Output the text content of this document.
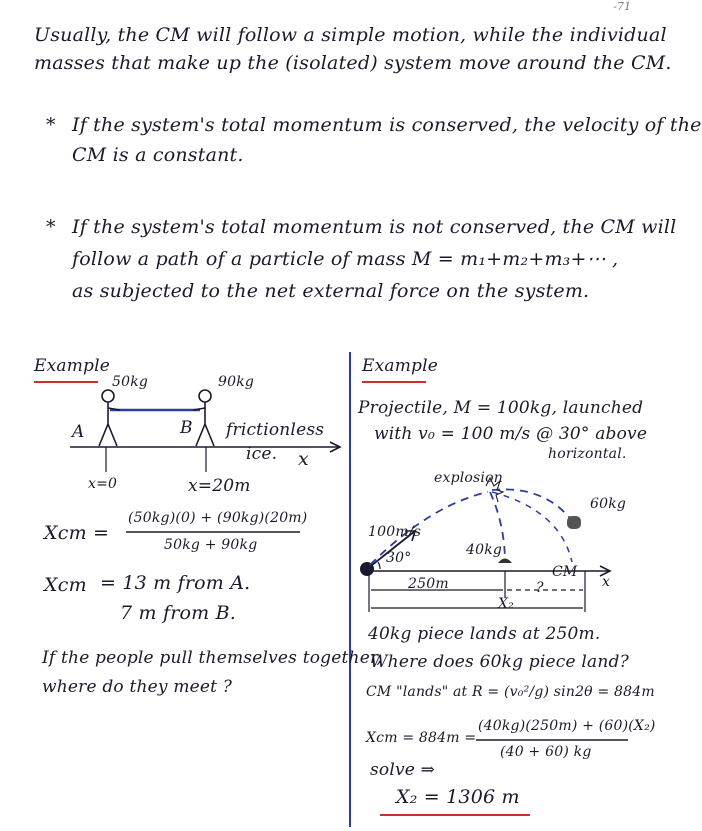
-71
Usually, the CM will follow a simple motion, while the individual
masses that make up the (isolated) system move around the CM.
* If the system's total momentum is conserved, the velocity of the
CM is a constant.
* If the system's total momentum is not conserved, the CM will
follow a path of a particle of mass M = m₁+m₂+m₃+⋯ ,
as subjected to the net external force on the system.
Example
50kg	90kg
A	B frictionless
ice. x
x=0	x=20m
Xcm =
(50kg)(0) + (90kg)(20m)
50kg + 90kg
Xcm = 13 m from A.
7 m from B.
If the people pull themselves together,
where do they meet ?
Example
Projectile, M = 100kg, launched
with v₀ = 100 m/s @ 30° above
horizontal.
explosion
100m/s
30°	40kg
60kg
250m
CM
?
X₂
x
40kg piece lands at 250m.
Where does 60kg piece land?
CM "lands" at R = (v₀²/g) sin2θ = 884m
Xcm = 884m =
(40kg)(250m) + (60)(X₂)
(40 + 60) kg
solve ⇒
X₂ = 1306 m
